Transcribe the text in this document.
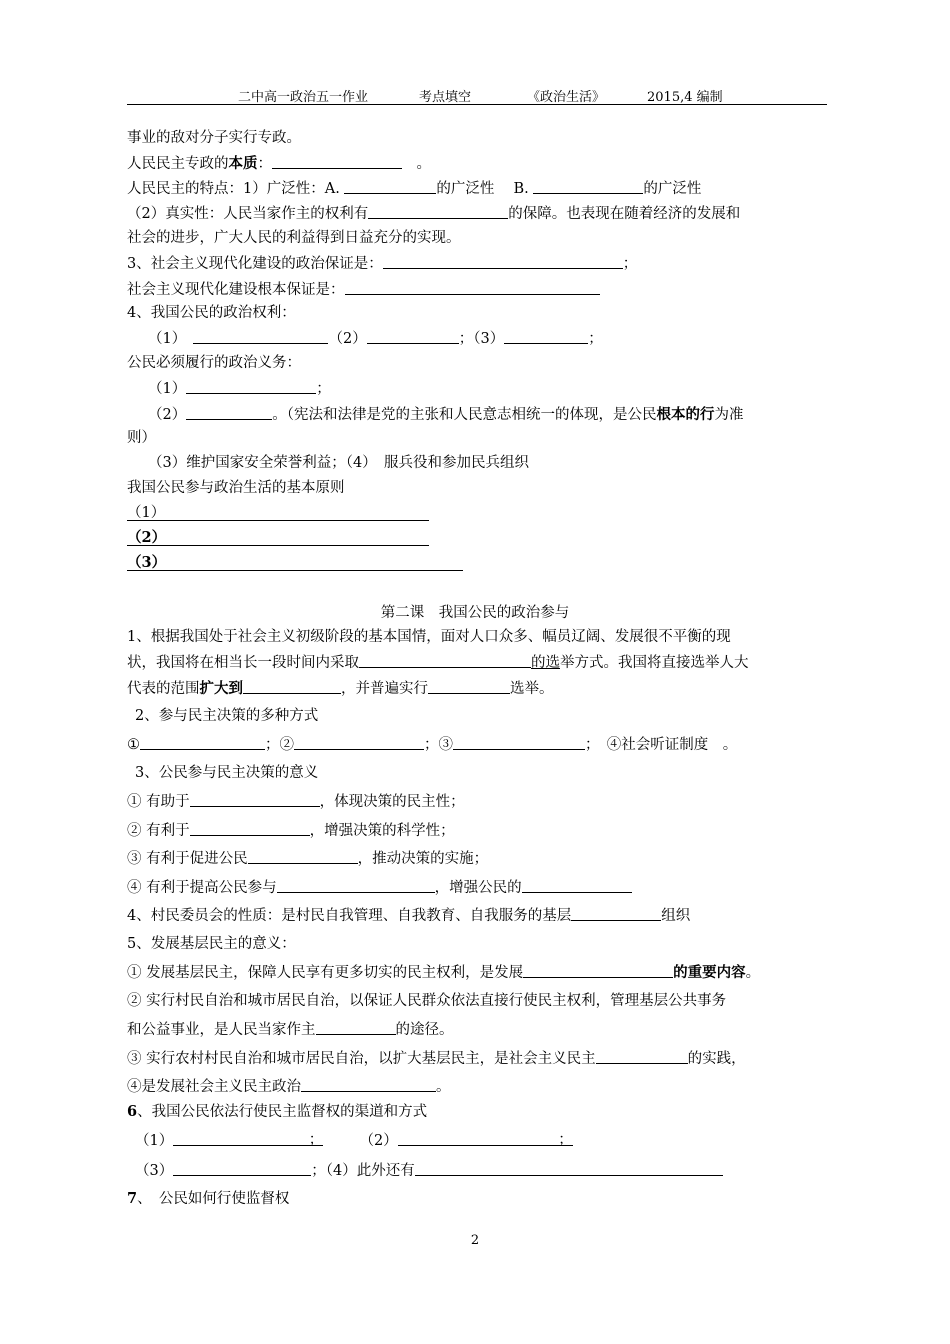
二中高一政治五一作业	考点填空	《政治生活》	2015,4 编制
事业的敌对分子实行专政。
人民民主专政的本质：　	。
人民民主的特点：1）广泛性：A.	的广泛性　 B.	的广泛性
（2）真实性：人民当家作主的权利有	的保障。也表现在随着经济的发展和
社会的进步，广大人民的利益得到日益充分的实现。
3、社会主义现代化建设的政治保证是：	；
社会主义现代化建设根本保证是：
4、我国公民的政治权利：
（1）　	（2）	；（3）	；
公民必须履行的政治义务：
（1）	；
（2）	。（宪法和法律是党的主张和人民意志相统一的体现，是公民根本的行为准
则）
（3）维护国家安全荣誉利益；（4）　服兵役和参加民兵组织
我国公民参与政治生活的基本原则
（1）
（2）
（3）
第二课　我国公民的政治参与
1、根据我国处于社会主义初级阶段的基本国情，面对人口众多、幅员辽阔、发展很不平衡的现
状，我国将在相当长一段时间内采取	的选举方式。我国将直接选举人大
代表的范围扩大到	，并普遍实行	选举。
2、参与民主决策的多种方式
①	；②	；③	；　④社会听证制度　。
3、公民参与民主决策的意义
① 有助于	，体现决策的民主性；
② 有利于	，增强决策的科学性；
③ 有利于促进公民	，推动决策的实施；
④ 有利于提高公民参与	，增强公民的
4、村民委员会的性质：是村民自我管理、自我教育、自我服务的基层	组织
5、发展基层民主的意义：
① 发展基层民主，保障人民享有更多切实的民主权利，是发展	的重要内容。
② 实行村民自治和城市居民自治，以保证人民群众依法直接行使民主权利，管理基层公共事务
和公益事业，是人民当家作主	的途径。
③ 实行农村村民自治和城市居民自治，以扩大基层民主，是社会主义民主	的实践，
④是发展社会主义民主政治	。
6、我国公民依法行使民主监督权的渠道和方式
（1）	；
　　　	（2）	；
（3）	；（4）此外还有
7、　公民如何行使监督权
2
